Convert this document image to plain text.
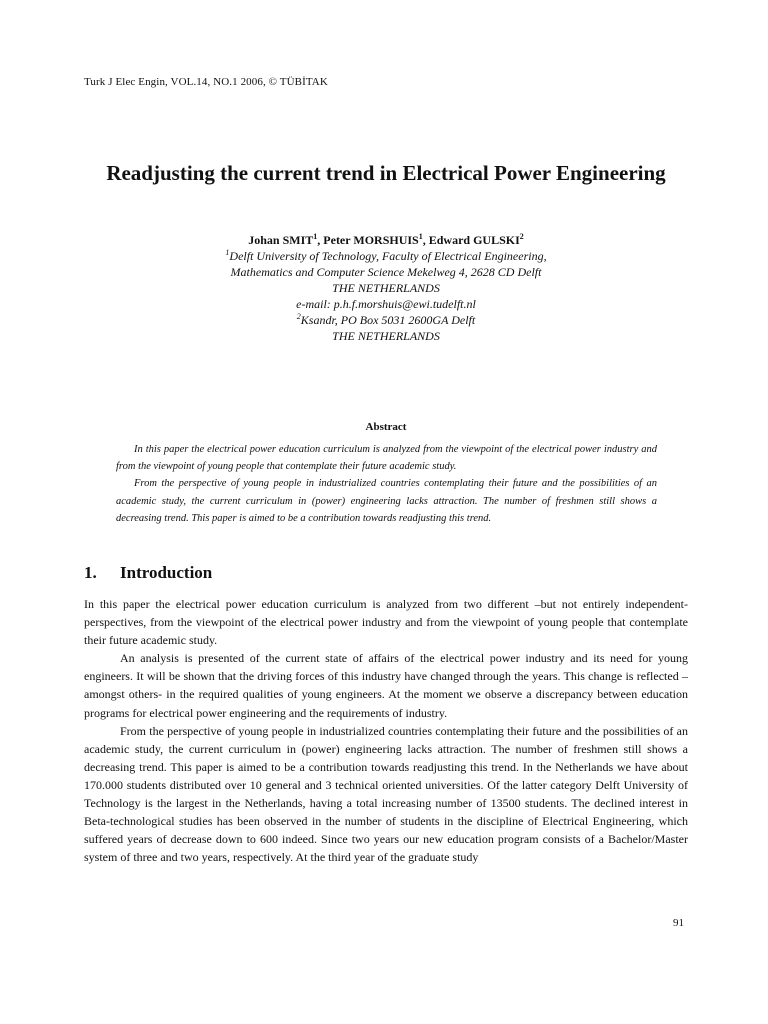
Turk J Elec Engin, VOL.14, NO.1 2006, © TÜBİTAK
Readjusting the current trend in Electrical Power Engineering
Johan SMIT$^1$, Peter MORSHUIS$^1$, Edward GULSKI$^2$
$^1$Delft University of Technology, Faculty of Electrical Engineering,
Mathematics and Computer Science Mekelweg 4, 2628 CD Delft
THE NETHERLANDS
e-mail: p.h.f.morshuis@ewi.tudelft.nl
$^2$Ksandr, PO Box 5031 2600GA Delft
THE NETHERLANDS
Abstract

In this paper the electrical power education curriculum is analyzed from the viewpoint of the electrical power industry and from the viewpoint of young people that contemplate their future academic study.

From the perspective of young people in industrialized countries contemplating their future and the possibilities of an academic study, the current curriculum in (power) engineering lacks attraction. The number of freshmen still shows a decreasing trend. This paper is aimed to be a contribution towards readjusting this trend.

1. Introduction

In this paper the electrical power education curriculum is analyzed from two different –but not entirely independent- perspectives, from the viewpoint of the electrical power industry and from the viewpoint of young people that contemplate their future academic study.

An analysis is presented of the current state of affairs of the electrical power industry and its need for young engineers. It will be shown that the driving forces of this industry have changed through the years. This change is reflected –amongst others- in the required qualities of young engineers. At the moment we observe a discrepancy between education programs for electrical power engineering and the requirements of industry.

From the perspective of young people in industrialized countries contemplating their future and the possibilities of an academic study, the current curriculum in (power) engineering lacks attraction. The number of freshmen still shows a decreasing trend. This paper is aimed to be a contribution towards readjusting this trend. In the Netherlands we have about 170.000 students distributed over 10 general and 3 technical oriented universities. Of the latter category Delft University of Technology is the largest in the Netherlands, having a total increasing number of 13500 students. The declined interest in Beta-technological studies has been observed in the number of students in the discipline of Electrical Engineering, which suffered years of decrease down to 600 indeed. Since two years our new education program consists of a Bachelor/Master system of three and two years, respectively. At the third year of the graduate study

91
